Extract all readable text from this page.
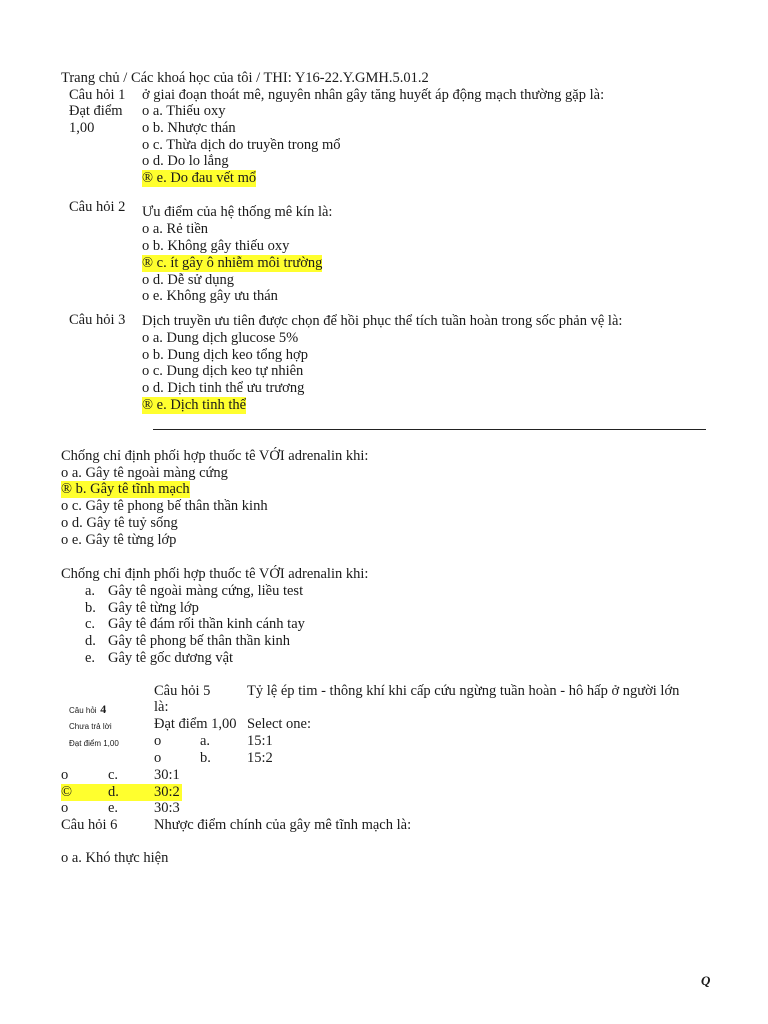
Trang chủ / Các khoá học của tôi / THI: Y16-22.Y.GMH.5.01.2
Câu hỏi 1
Đạt điểm
1,00
ở giai đoạn thoát mê, nguyên nhân gây tăng huyết áp động mạch thường gặp là:
o a. Thiếu oxy
o b. Nhược thán
o c. Thừa dịch do truyền trong mổ
o d. Do lo lắng
® e. Do đau vết mổ
Câu hỏi 2 Ưu điểm của hệ thống mê kín là:
o a. Rẻ tiền
o b. Không gây thiếu oxy
® c. ít gây ô nhiễm môi trường
o d. Dễ sử dụng
o e. Không gây ưu thán
Câu hỏi 3 Dịch truyền ưu tiên được chọn để hồi phục thể tích tuần hoàn trong sốc phản vệ là:
o a. Dung dịch glucose 5%
o b. Dung dịch keo tổng hợp
o c. Dung dịch keo tự nhiên
o d. Dịch tinh thể ưu trương
® e. Dịch tinh thể
Chống chỉ định phối hợp thuốc tê VỚI adrenalin khi:
o a. Gây tê ngoài màng cứng
® b. Gây tê tĩnh mạch
o c. Gây tê phong bế thân thần kinh
o d. Gây tê tuỷ sống
o e. Gây tê từng lớp
Chống chỉ định phối hợp thuốc tê VỚI adrenalin khi:
a. Gây tê ngoài màng cứng, liều test
b. Gây tê từng lớp
c. Gây tê đám rối thần kinh cánh tay
d. Gây tê phong bế thân thần kinh
e. Gây tê gốc dương vật
Câu hỏi 4
Chưa trả lời
Đạt điểm 1,00
Câu hỏi 5	Tỷ lệ ép tim - thông khí khi cấp cứu ngừng tuần hoàn - hô hấp ở người lớn
là:
Đạt điểm 1,00 Select one:
o	a.	15:1
o	b. 15:2
o	c. 30:1
© d. 30:2

o	e. 30:3
Câu hỏi 6	Nhược điểm chính của gây mê tĩnh mạch là:
o a. Khó thực hiện
Q
